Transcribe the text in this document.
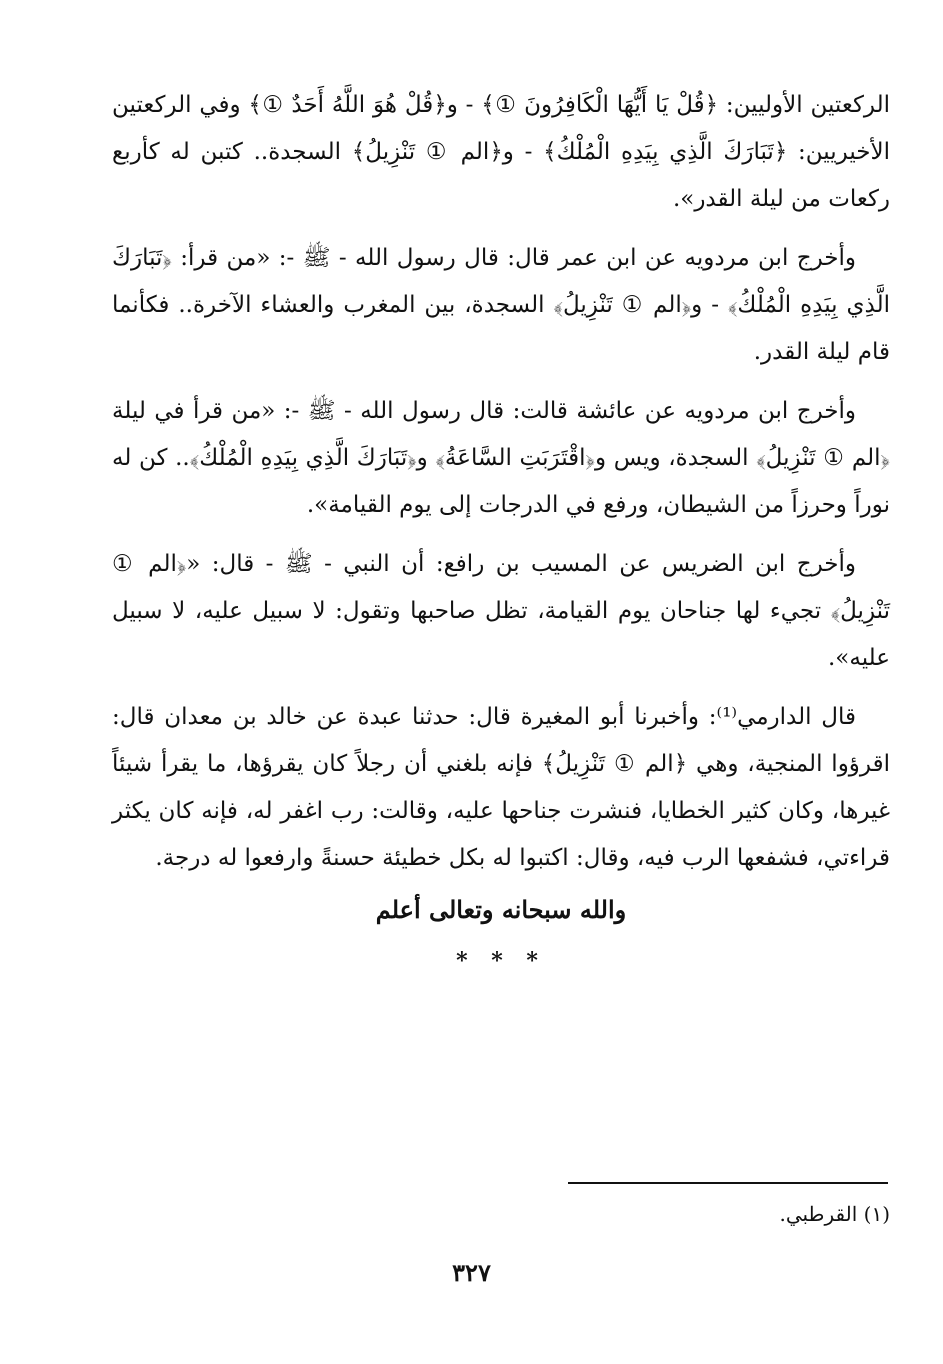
الركعتين الأوليين: ﴿قُلْ يَا أَيُّهَا الْكَافِرُونَ ①﴾ - و﴿قُلْ هُوَ اللَّهُ أَحَدٌ ①﴾ وفي الركعتين الأخيريين: ﴿تَبَارَكَ الَّذِي بِيَدِهِ الْمُلْكُ﴾ - و﴿الم ① تَنْزِيلُ﴾ السجدة.. كتبن له كأربع ركعات من ليلة القدر».

وأخرج ابن مردويه عن ابن عمر قال: قال رسول الله - ﷺ -: «من قرأ: ﴿تَبَارَكَ الَّذِي بِيَدِهِ الْمُلْكُ﴾ - و﴿الم ① تَنْزِيلُ﴾ السجدة، بين المغرب والعشاء الآخرة.. فكأنما قام ليلة القدر.

وأخرج ابن مردويه عن عائشة قالت: قال رسول الله - ﷺ -: «من قرأ في ليلة ﴿الم ① تَنْزِيلُ﴾ السجدة، ويس و﴿اقْتَرَبَتِ السَّاعَةُ﴾ و﴿تَبَارَكَ الَّذِي بِيَدِهِ الْمُلْكُ﴾.. كن له نوراً وحرزاً من الشيطان، ورفع في الدرجات إلى يوم القيامة».

وأخرج ابن الضريس عن المسيب بن رافع: أن النبي - ﷺ - قال: «﴿الم ① تَنْزِيلُ﴾ تجيء لها جناحان يوم القيامة، تظل صاحبها وتقول: لا سبيل عليه، لا سبيل عليه».

قال الدارمي⁽¹⁾: وأخبرنا أبو المغيرة قال: حدثنا عبدة عن خالد بن معدان قال: اقرؤوا المنجية، وهي ﴿الم ① تَنْزِيلُ﴾ فإنه بلغني أن رجلاً كان يقرؤها، ما يقرأ شيئاً غيرها، وكان كثير الخطايا، فنشرت جناحها عليه، وقالت: رب اغفر له، فإنه كان يكثر قراءتي، فشفعها الرب فيه، وقال: اكتبوا له بكل خطيئة حسنةً وارفعوا له درجة.

والله سبحانه وتعالى أعلم
* * *
(١) القرطبي.
٣٢٧
